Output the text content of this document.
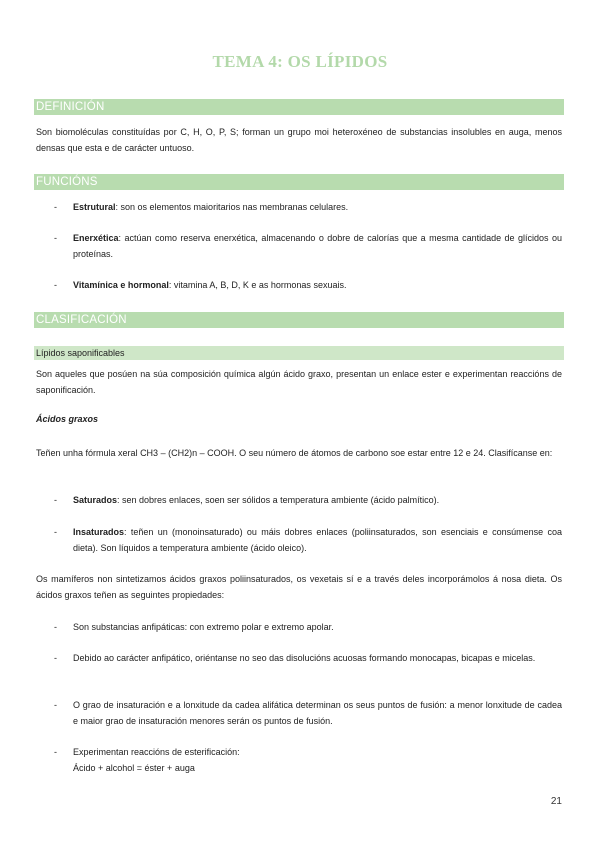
TEMA 4: OS LÍPIDOS
DEFINICIÓN

Son biomoléculas constituídas por C, H, O, P, S; forman un grupo moi heteroxéneo de substancias insolubles en auga, menos densas que esta e de carácter untuoso.

FUNCIÓNS
- Estrutural: son os elementos maioritarios nas membranas celulares.
- Enerxética: actúan como reserva enerxética, almacenando o dobre de calorías que a mesma cantidade de glícidos ou proteínas.
- Vitamínica e hormonal: vitamina A, B, D, K e as hormonas sexuais.
CLASIFICACIÓN
Lípidos saponificables

Son aqueles que posúen na súa composición química algún ácido graxo, presentan un enlace ester e experimentan reaccións de saponificación.

Ácidos graxos

Teñen unha fórmula xeral CH3 – (CH2)n – COOH. O seu número de átomos de carbono soe estar entre 12 e 24. Clasifícanse en:

- Saturados: sen dobres enlaces, soen ser sólidos a temperatura ambiente (ácido palmítico).
- Insaturados: teñen un (monoinsaturado) ou máis dobres enlaces (poliinsaturados, son esenciais e consúmense coa dieta). Son líquidos a temperatura ambiente (ácido oleico).

Os mamíferos non sintetizamos ácidos graxos poliinsaturados, os vexetais sí e a través deles incorporámolos á nosa dieta. Os ácidos graxos teñen as seguintes propiedades:

- Son substancias anfipáticas: con extremo polar e extremo apolar.
- Debido ao carácter anfipático, oriéntanse no seo das disolucións acuosas formando monocapas, bicapas e micelas.
- O grao de insaturación e a lonxitude da cadea alifática determinan os seus puntos de fusión: a menor lonxitude de cadea e maior grao de insaturación menores serán os puntos de fusión.
- Experimentan reaccións de esterificación:
Ácido + alcohol = éster + auga
21
